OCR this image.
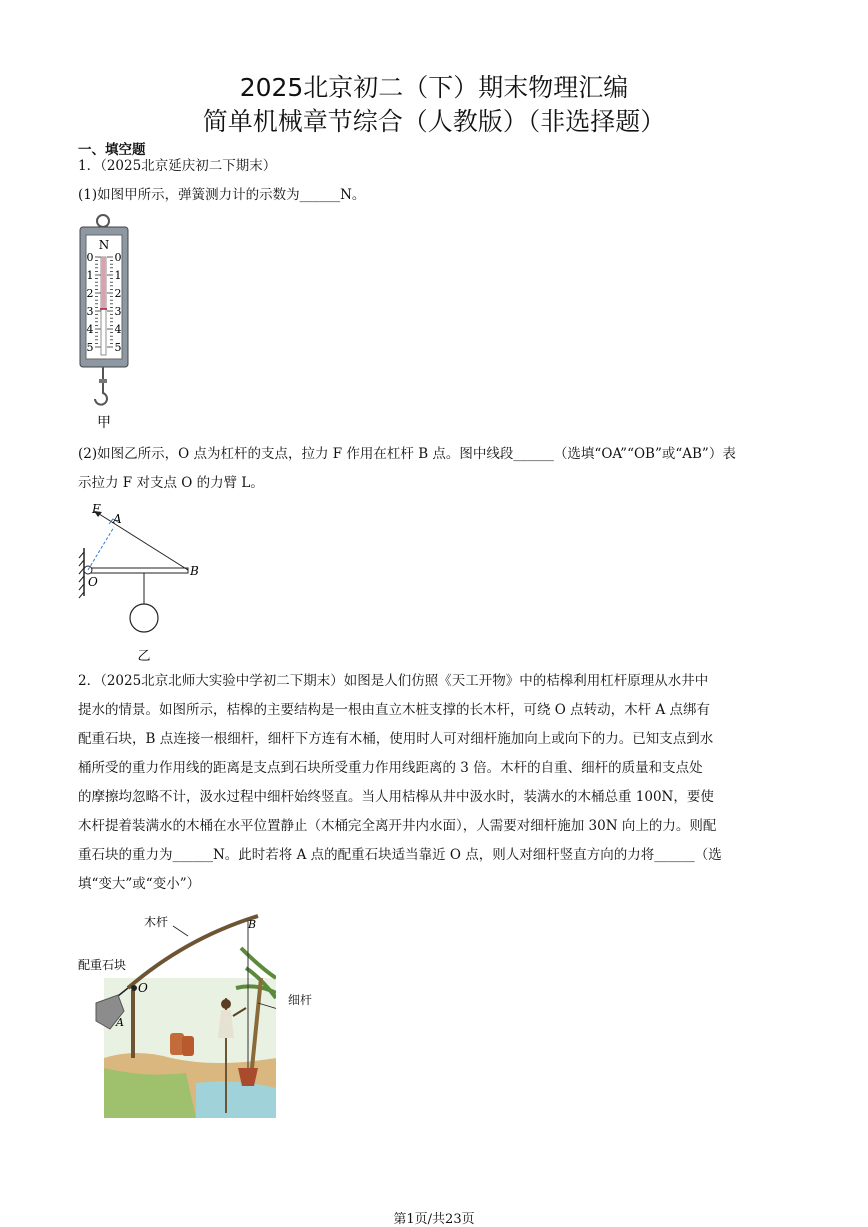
2025北京初二（下）期末物理汇编
简单机械章节综合（人教版）（非选择题）
一、填空题
1．（2025北京延庆初二下期末）
(1)如图甲所示，弹簧测力计的示数为______N。
N
0 0
1 1
2 2
3 3
4 4
5 5
甲
(2)如图乙所示，O 点为杠杆的支点，拉力 F 作用在杠杆 B 点。图中线段______（选填“OA”“OB”或“AB”）表
示拉力 F 对支点 O 的力臂 L。
F
A
O
B
乙
2．（2025北京北师大实验中学初二下期末）如图是人们仿照《天工开物》中的桔槔利用杠杆原理从水井中
提水的情景。如图所示，桔槔的主要结构是一根由直立木桩支撑的长木杆，可绕 O 点转动，木杆 A 点绑有
配重石块，B 点连接一根细杆，细杆下方连有木桶，使用时人可对细杆施加向上或向下的力。已知支点到水
桶所受的重力作用线的距离是支点到石块所受重力作用线距离的 3 倍。木杆的自重、细杆的质量和支点处
的摩擦均忽略不计，汲水过程中细杆始终竖直。当人用桔槔从井中汲水时，装满水的木桶总重 100N，要使
木杆提着装满水的木桶在水平位置静止（木桶完全离开井内水面），人需要对细杆施加 30N 向上的力。则配
重石块的重力为______N。此时若将 A 点的配重石块适当靠近 O 点，则人对细杆竖直方向的力将______（选
填“变大”或“变小”）
木杆
配重石块
O
A
B
细杆
第1页/共23页
